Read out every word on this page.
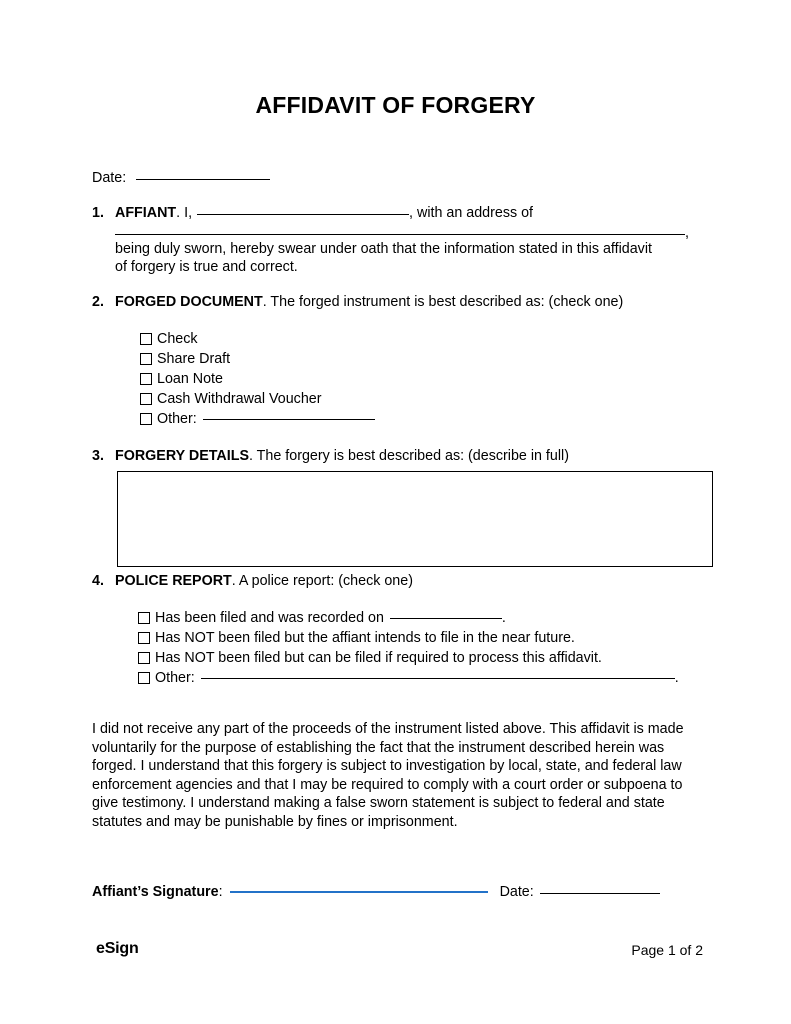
AFFIDAVIT OF FORGERY
Date:
1. AFFIANT. I,	, with an address of
,
being duly sworn, hereby swear under oath that the information stated in this affidavit of forgery is true and correct.
2. FORGED DOCUMENT. The forged instrument is best described as: (check one)
Check
Share Draft
Loan Note
Cash Withdrawal Voucher
Other:
3. FORGERY DETAILS. The forgery is best described as: (describe in full)
4. POLICE REPORT. A police report: (check one)
Has been filed and was recorded on	.
Has NOT been filed but the affiant intends to file in the near future.
Has NOT been filed but can be filed if required to process this affidavit.
Other:	.
I did not receive any part of the proceeds of the instrument listed above. This affidavit is made voluntarily for the purpose of establishing the fact that the instrument described herein was forged. I understand that this forgery is subject to investigation by local, state, and federal law enforcement agencies and that I may be required to comply with a court order or subpoena to give testimony. I understand making a false sworn statement is subject to federal and state statutes and may be punishable by fines or imprisonment.
Affiant’s Signature:	Date:
eSign	Page 1 of 2
